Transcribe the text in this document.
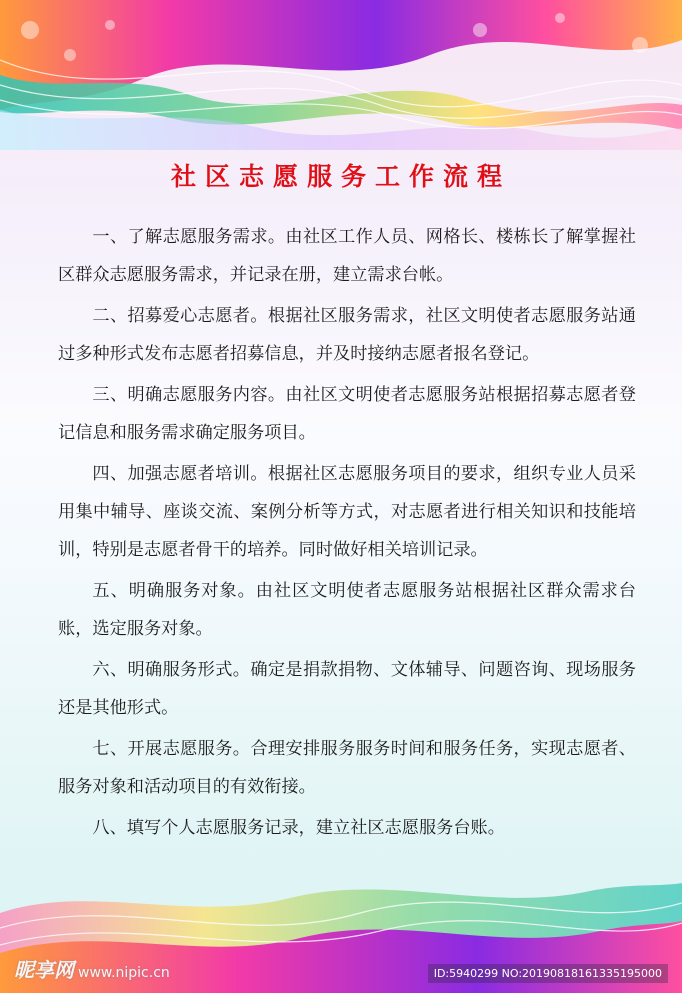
社区志愿服务工作流程

一、了解志愿服务需求。由社区工作人员、网格长、楼栋长了解掌握社区群众志愿服务需求，并记录在册，建立需求台帐。

二、招募爱心志愿者。根据社区服务需求，社区文明使者志愿服务站通过多种形式发布志愿者招募信息，并及时接纳志愿者报名登记。

三、明确志愿服务内容。由社区文明使者志愿服务站根据招募志愿者登记信息和服务需求确定服务项目。

四、加强志愿者培训。根据社区志愿服务项目的要求，组织专业人员采用集中辅导、座谈交流、案例分析等方式，对志愿者进行相关知识和技能培训，特别是志愿者骨干的培养。同时做好相关培训记录。

五、明确服务对象。由社区文明使者志愿服务站根据社区群众需求台账，选定服务对象。

六、明确服务形式。确定是捐款捐物、文体辅导、问题咨询、现场服务还是其他形式。

七、开展志愿服务。合理安排服务服务时间和服务任务，实现志愿者、服务对象和活动项目的有效衔接。

八、填写个人志愿服务记录，建立社区志愿服务台账。

昵享网 www.nipic.cn	ID:5940299 NO:20190818161335195000
